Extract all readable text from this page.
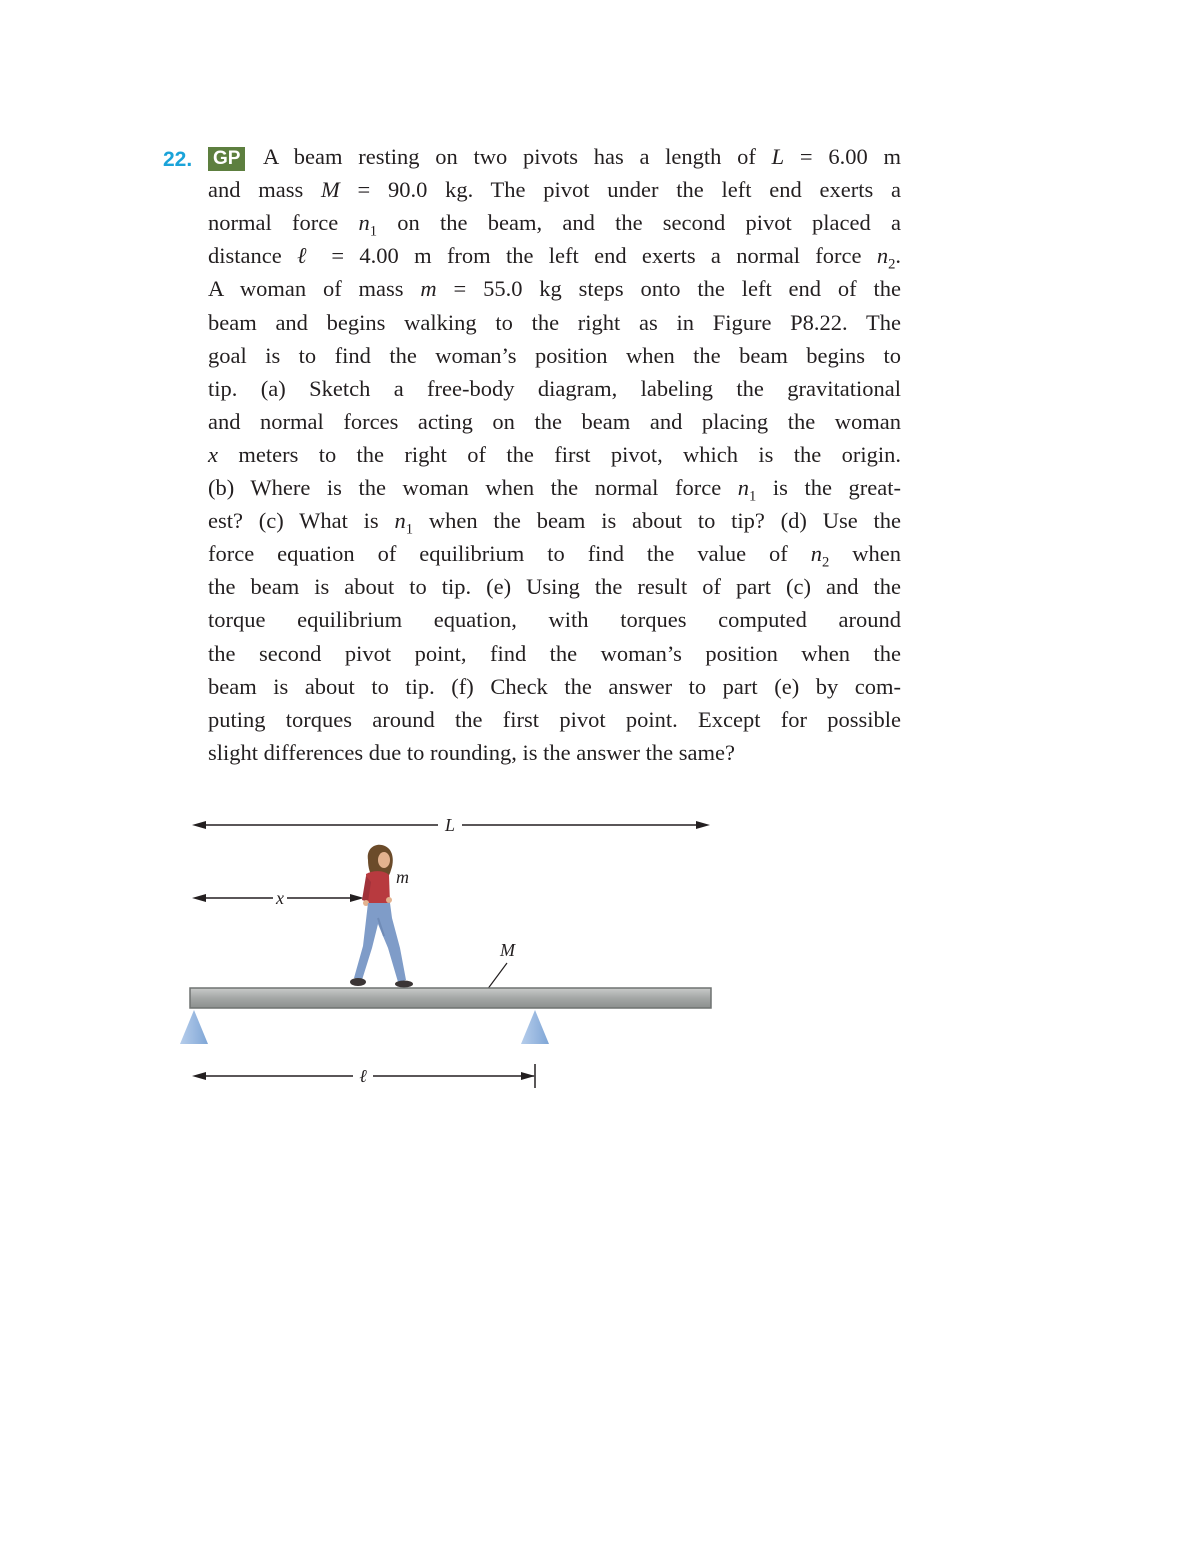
22. GP A beam resting on two pivots has a length of L = 6.00 m
and mass M = 90.0 kg. The pivot under the left end exerts a
normal force $n_1$ on the beam, and the second pivot placed a
distance ℓ = 4.00 m from the left end exerts a normal force $n_2$.
A woman of mass m = 55.0 kg steps onto the left end of the
beam and begins walking to the right as in Figure P8.22. The
goal is to find the woman’s position when the beam begins to
tip. (a) Sketch a free-body diagram, labeling the gravitational
and normal forces acting on the beam and placing the woman
x meters to the right of the first pivot, which is the origin.
(b) Where is the woman when the normal force $n_1$ is the great-
est? (c) What is $n_1$ when the beam is about to tip? (d) Use the
force equation of equilibrium to find the value of $n_2$ when
the beam is about to tip. (e) Using the result of part (c) and the
torque equilibrium equation, with torques computed around
the second pivot point, find the woman’s position when the
beam is about to tip. (f) Check the answer to part (e) by com-
puting torques around the first pivot point. Except for possible
slight differences due to rounding, is the answer the same?
L
x
m
M
ℓ
